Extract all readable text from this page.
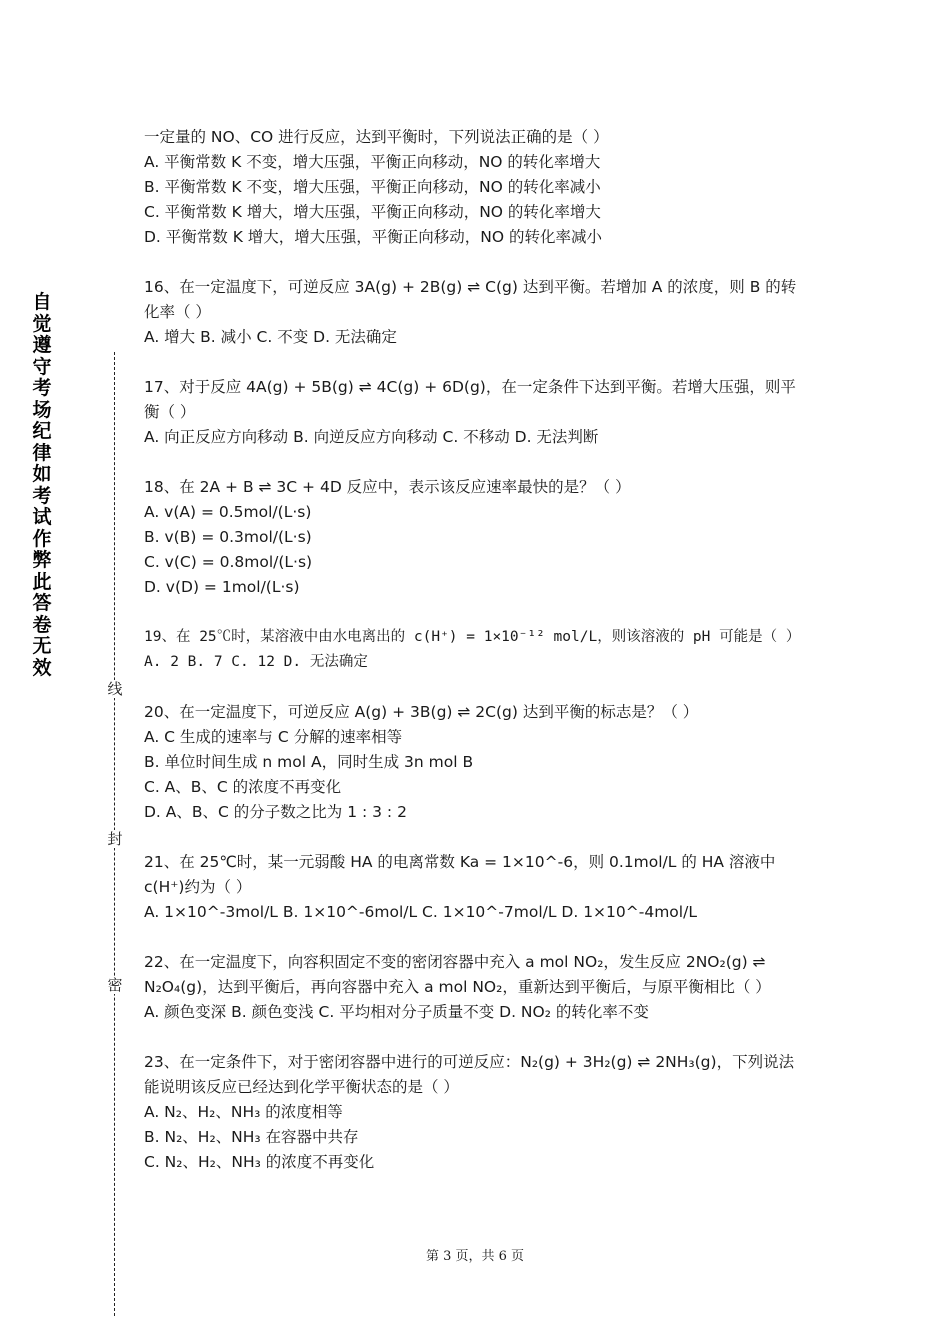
自觉遵守考场纪律如考试作弊此答卷无效
线
封
密

一定量的 NO、CO 进行反应，达到平衡时，下列说法正确的是（ ）

A. 平衡常数 K 不变，增大压强，平衡正向移动，NO 的转化率增大

B. 平衡常数 K 不变，增大压强，平衡正向移动，NO 的转化率减小

C. 平衡常数 K 增大，增大压强，平衡正向移动，NO 的转化率增大

D. 平衡常数 K 增大，增大压强，平衡正向移动，NO 的转化率减小

16、在一定温度下，可逆反应 3A(g) + 2B(g) ⇌ C(g) 达到平衡。若增加 A 的浓度，则 B 的转化率（ ）

A. 增大 B. 减小 C. 不变 D. 无法确定

17、对于反应 4A(g) + 5B(g) ⇌ 4C(g) + 6D(g)，在一定条件下达到平衡。若增大压强，则平衡（ ）

A. 向正反应方向移动 B. 向逆反应方向移动 C. 不移动 D. 无法判断

18、在 2A + B ⇌ 3C + 4D 反应中，表示该反应速率最快的是？（ ）

A. v(A) = 0.5mol/(L·s)

B. v(B) = 0.3mol/(L·s)

C. v(C) = 0.8mol/(L·s)

D. v(D) = 1mol/(L·s)

19、在 25℃时，某溶液中由水电离出的 c(H⁺) = 1×10⁻¹² mol/L，则该溶液的 pH 可能是（ ）

A. 2 B. 7 C. 12 D. 无法确定

20、在一定温度下，可逆反应 A(g) + 3B(g) ⇌ 2C(g) 达到平衡的标志是？（ ）

A. C 生成的速率与 C 分解的速率相等

B. 单位时间生成 n mol A，同时生成 3n mol B

C. A、B、C 的浓度不再变化

D. A、B、C 的分子数之比为 1 : 3 : 2

21、在 25℃时，某一元弱酸 HA 的电离常数 Ka = 1×10^-6，则 0.1mol/L 的 HA 溶液中 c(H⁺)约为（ ）

A. 1×10^-3mol/L B. 1×10^-6mol/L C. 1×10^-7mol/L D. 1×10^-4mol/L

22、在一定温度下，向容积固定不变的密闭容器中充入 a mol NO₂，发生反应 2NO₂(g) ⇌ N₂O₄(g)，达到平衡后，再向容器中充入 a mol NO₂，重新达到平衡后，与原平衡相比（ ）

A. 颜色变深 B. 颜色变浅 C. 平均相对分子质量不变 D. NO₂ 的转化率不变

23、在一定条件下，对于密闭容器中进行的可逆反应：N₂(g) + 3H₂(g) ⇌ 2NH₃(g)，下列说法能说明该反应已经达到化学平衡状态的是（ ）

A. N₂、H₂、NH₃ 的浓度相等

B. N₂、H₂、NH₃ 在容器中共存

C. N₂、H₂、NH₃ 的浓度不再变化

第 3 页，共 6 页
